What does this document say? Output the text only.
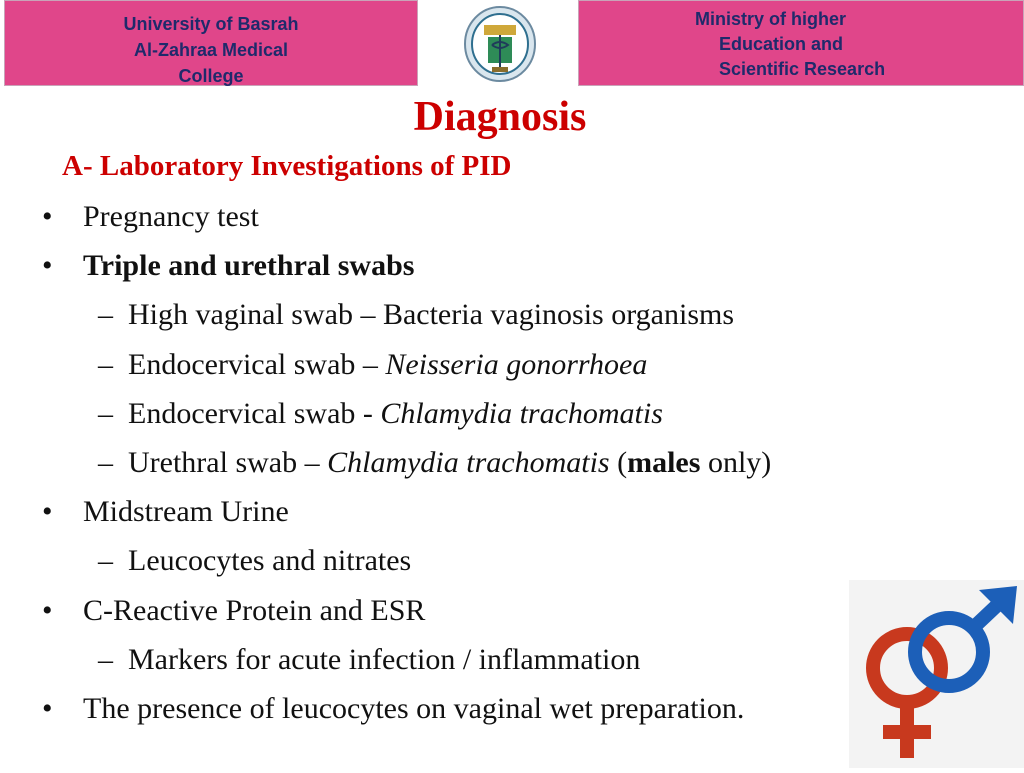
University of Basrah
Al-Zahraa Medical
College
Ministry of higher
Education and
Scientific Research
Diagnosis
A- Laboratory Investigations of PID
• Pregnancy test
• Triple and urethral swabs
– High vaginal swab – Bacteria vaginosis organisms
– Endocervical swab – Neisseria gonorrhoea
– Endocervical swab - Chlamydia trachomatis
– Urethral swab – Chlamydia trachomatis (males only)
• Midstream Urine
– Leucocytes and nitrates
• C-Reactive Protein and ESR
– Markers for acute infection / inflammation
• The presence of leucocytes on vaginal wet preparation.
